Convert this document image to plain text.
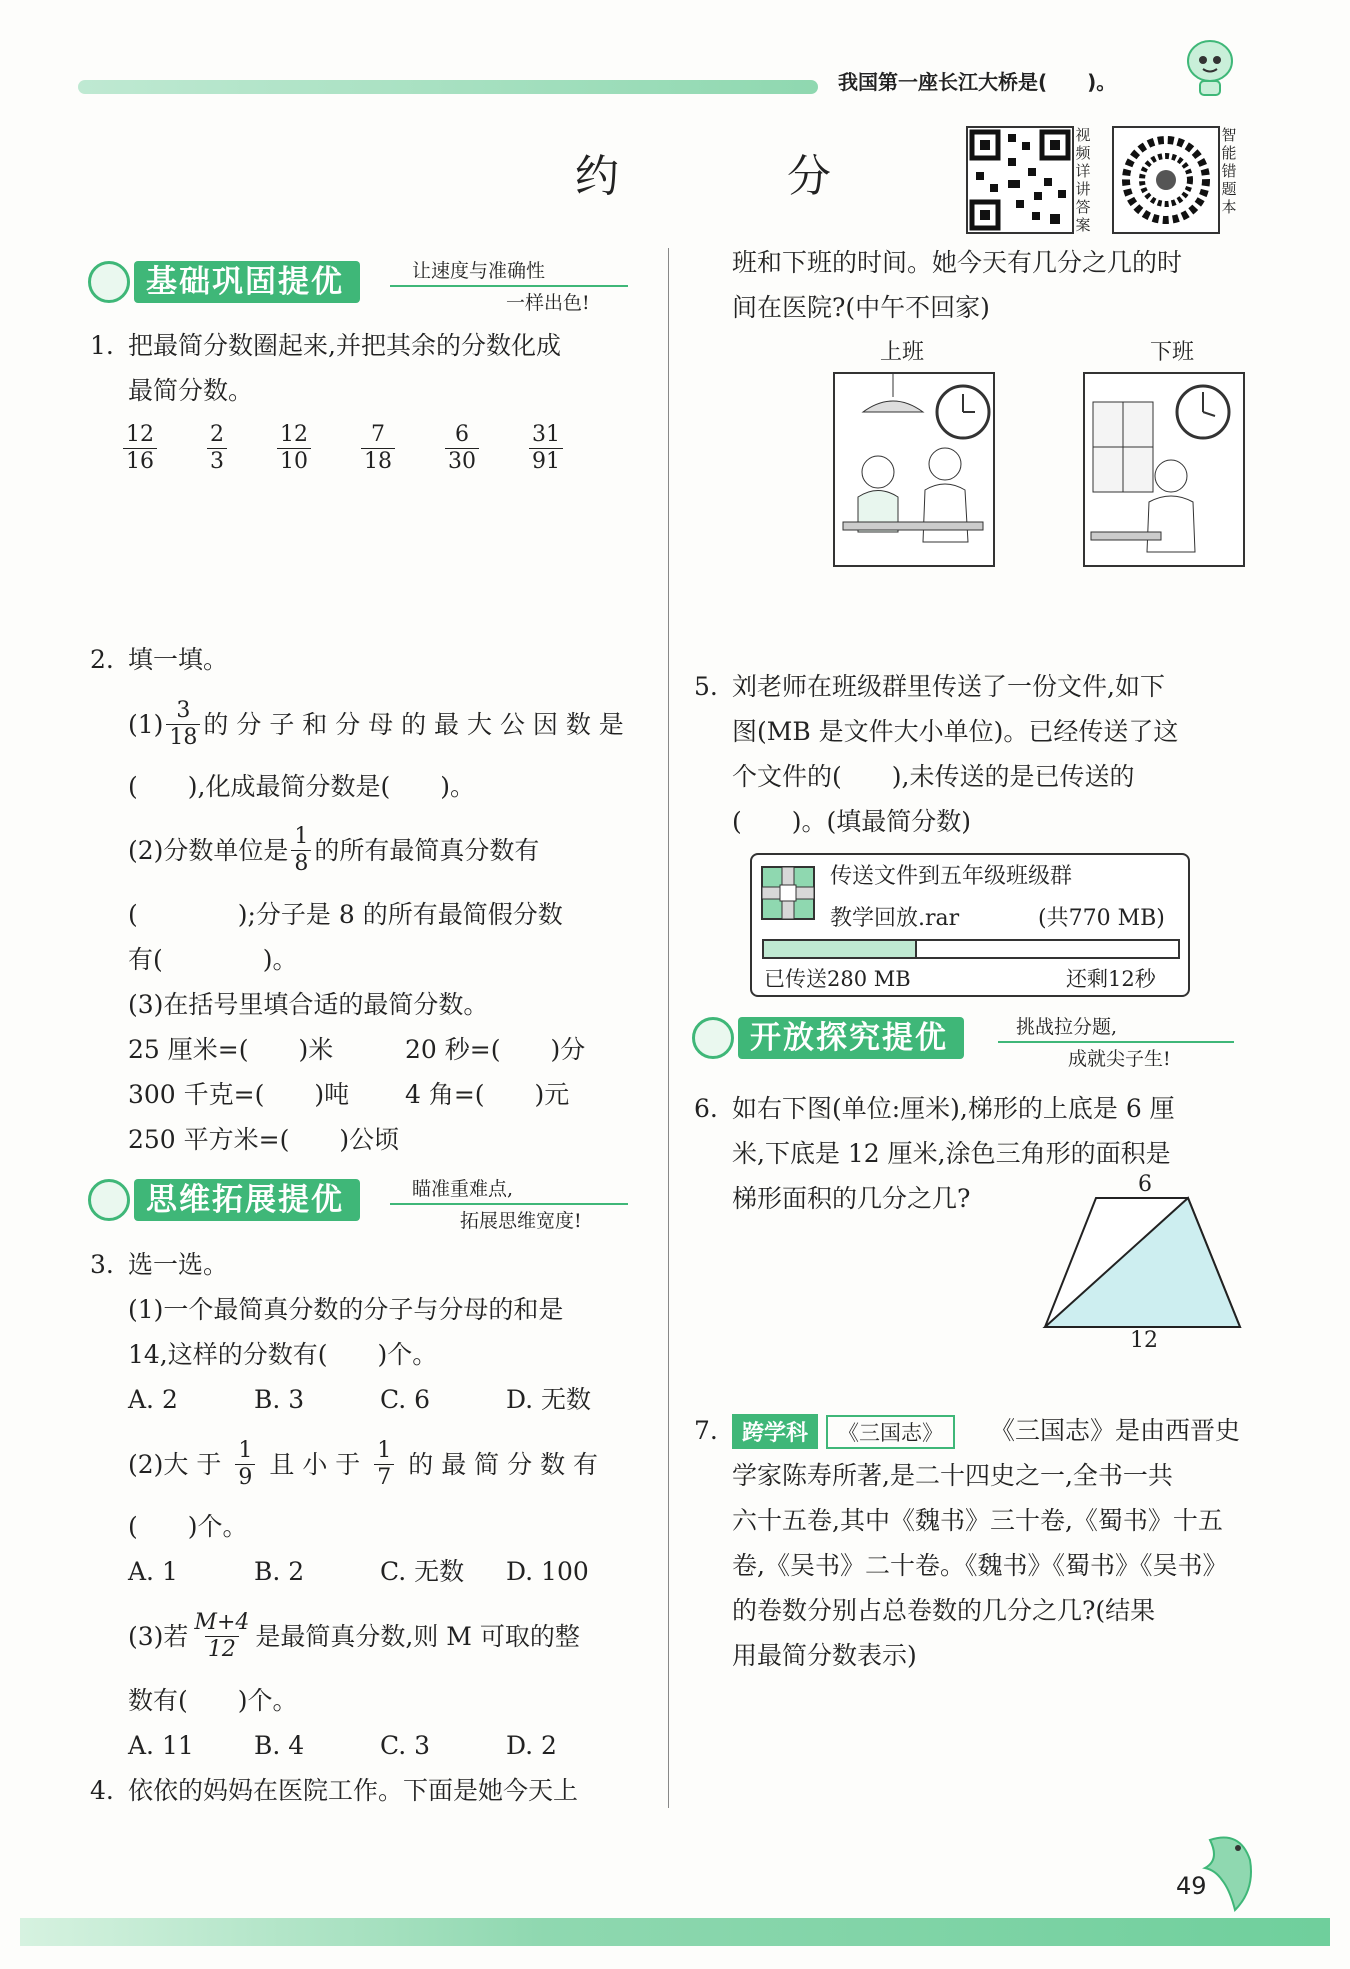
我国第一座长江大桥是(　　)。
约　分
视频详讲答案
智能错题本
基础巩固提优	让速度与准确性
一样出色!
1. 把最简分数圈起来,并把其余的分数化成
最简分数。
$\frac{12}{16} \frac{2}{3} \frac{12}{10} \frac{7}{18} \frac{6}{30} \frac{31}{91}$
2. 填一填。
$(1) \frac{3}{18}$ 的 分 子 和 分 母 的 最 大 公 因 数 是
(　　),化成最简分数是(　　)。
(2)分数单位是 $\frac{1}{8}$ 的所有最简真分数有
(　　　　);分子是 8 的所有最简假分数
有(　　　　)。
(3)在括号里填合适的最简分数。
25 厘米=(　　)米	20 秒=(　　)分
300 千克=(　　)吨 4 角=(　　)元
250 平方米=(　　)公顷
思维拓展提优	瞄准重难点,
拓展思维宽度!
3. 选一选。
(1)一个最简真分数的分子与分母的和是
14,这样的分数有(　　)个。
A. 2	B. 3	C. 6	D. 无数
(2)大 于 $\frac{1}{9}$ 且 小 于 $\frac{1}{7}$ 的 最 简 分 数 有
(　　)个。
A. 1	B. 2	C. 无数 D. 100
(3)若 $\frac{M+4}{12}$ 是最简真分数,则 M 可取的整
数有(　　)个。
A. 11 B. 4	C. 3	D. 2
4. 依依的妈妈在医院工作。下面是她今天上
班和下班的时间。她今天有几分之几的时
间在医院?(中午不回家)
上班	下班
5. 刘老师在班级群里传送了一份文件,如下
图(MB 是文件大小单位)。已经传送了这
个文件的(　　),未传送的是已传送的
(　　)。(填最简分数)
传送文件到五年级班级群
教学回放.rar	(共770 MB)
已传送280 MB	还剩12秒
开放探究提优	挑战拉分题,
成就尖子生!
6. 如右下图(单位:厘米),梯形的上底是 6 厘
米,下底是 12 厘米,涂色三角形的面积是
梯形面积的几分之几?	6
12
7.	跨学科	《三国志》	《三国志》是由西晋史
学家陈寿所著,是二十四史之一,全书一共
六十五卷,其中《魏书》三十卷,《蜀书》十五
卷,《吴书》二十卷。《魏书》《蜀书》《吴书》
的卷数分别占总卷数的几分之几?(结果
用最简分数表示)
49
